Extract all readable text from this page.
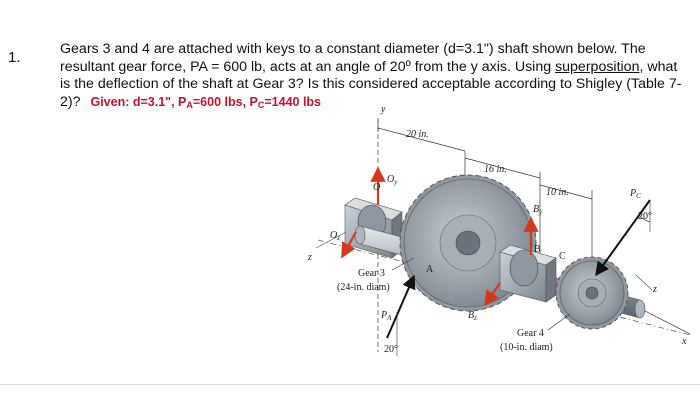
1.	Gears 3 and 4 are attached with keys to a constant diameter (d=3.1") shaft shown below. The resultant gear force, PA = 600 lb, acts at an angle of 20º from the y axis. Using superposition, what is the deflection of the shaft at Gear 3? Is this considered acceptable according to Shigley (Table 7-2)? Given: d=3.1", $P_A=600$ lbs, $P_C=1440$ lbs
20 in.
16 in.
10 in.
y
x
z
z
$O_y$
O
$O_z$
$B_y$
B
$B_z$
A
C
$P_C$
20°
$P_A$
20°
Gear 3
(24-in. diam)
Gear 4
(10-in. diam)
